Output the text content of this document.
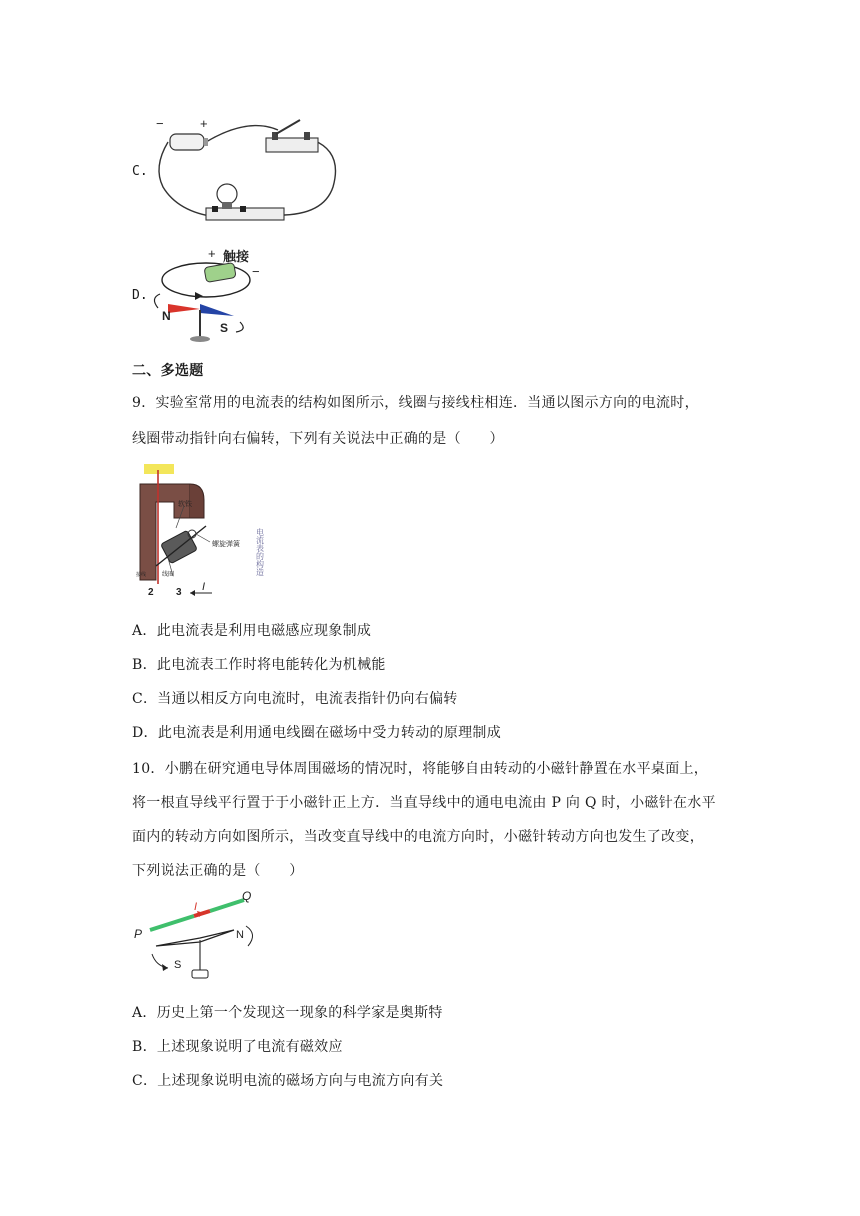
C.
−	+
D.
+
−
触接
N
S
二、多选题
9．实验室常用的电流表的结构如图所示，线圈与接线柱相连．当通以图示方向的电流时，
线圈带动指针向右偏转，下列有关说法中正确的是（　　）
软铁
螺旋弹簧
线圈
接线
2 3 I
电流表的构造
A．此电流表是利用电磁感应现象制成
B．此电流表工作时将电能转化为机械能
C．当通以相反方向电流时，电流表指针仍向右偏转
D．此电流表是利用通电线圈在磁场中受力转动的原理制成
10．小鹏在研究通电导体周围磁场的情况时，将能够自由转动的小磁针静置在水平桌面上，
将一根直导线平行置于于小磁针正上方．当直导线中的通电电流由 P 向 Q 时，小磁针在水平
面内的转动方向如图所示，当改变直导线中的电流方向时，小磁针转动方向也发生了改变，
下列说法正确的是（　　）
P
Q
I
N
S
A．历史上第一个发现这一现象的科学家是奥斯特
B．上述现象说明了电流有磁效应
C．上述现象说明电流的磁场方向与电流方向有关
